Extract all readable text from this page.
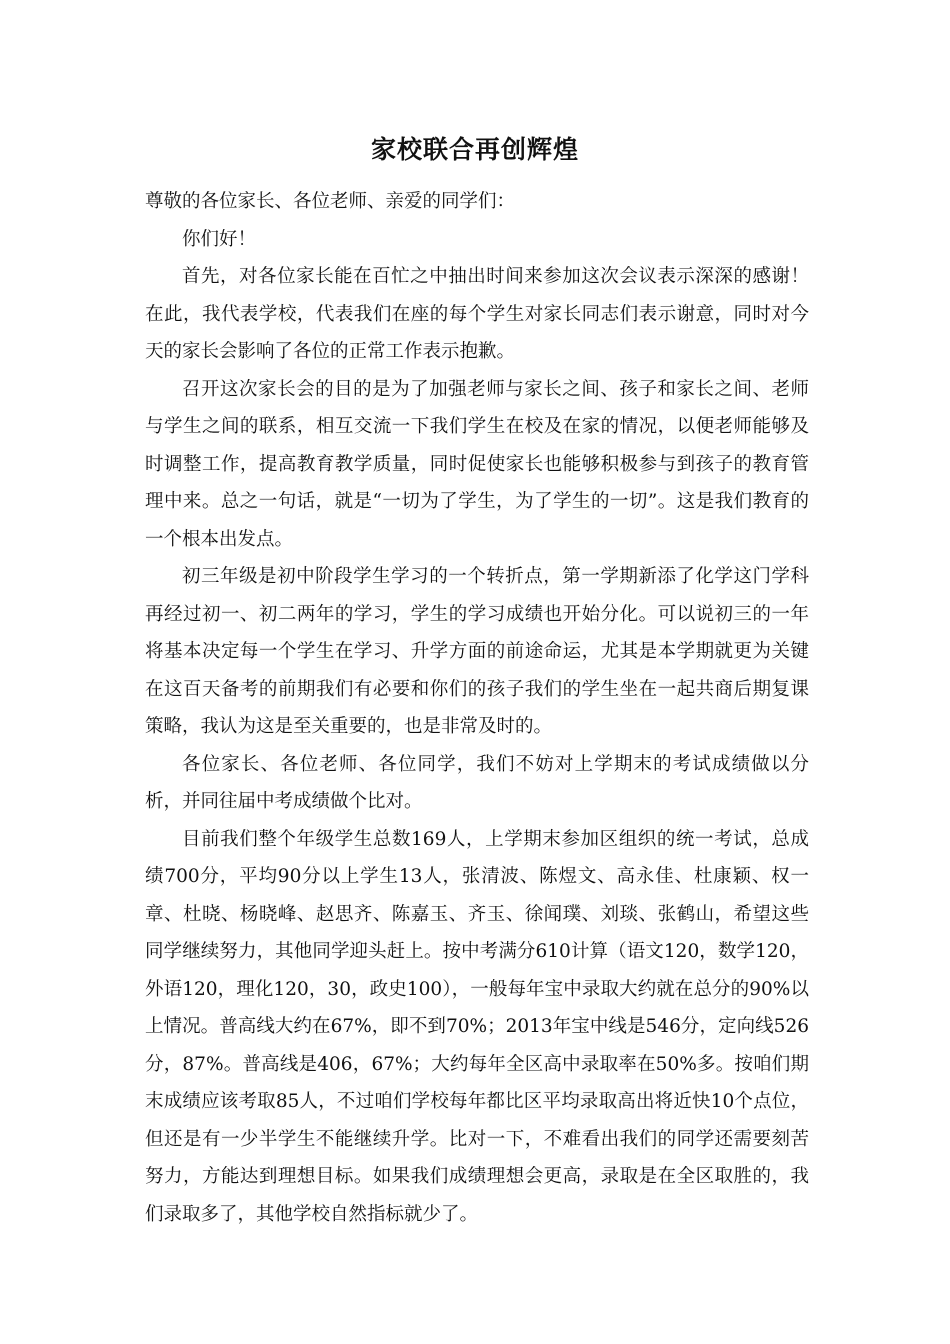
家校联合再创辉煌

尊敬的各位家长、各位老师、亲爱的同学们：

你们好！

首先，对各位家长能在百忙之中抽出时间来参加这次会议表示深深的感谢！在此，我代表学校，代表我们在座的每个学生对家长同志们表示谢意，同时对今天的家长会影响了各位的正常工作表示抱歉。

召开这次家长会的目的是为了加强老师与家长之间、孩子和家长之间、老师与学生之间的联系，相互交流一下我们学生在校及在家的情况，以便老师能够及时调整工作，提高教育教学质量，同时促使家长也能够积极参与到孩子的教育管理中来。总之一句话，就是“一切为了学生，为了学生的一切”。这是我们教育的一个根本出发点。

初三年级是初中阶段学生学习的一个转折点，第一学期新添了化学这门学科再经过初一、初二两年的学习，学生的学习成绩也开始分化。可以说初三的一年将基本决定每一个学生在学习、升学方面的前途命运，尤其是本学期就更为关键在这百天备考的前期我们有必要和你们的孩子我们的学生坐在一起共商后期复课策略，我认为这是至关重要的，也是非常及时的。

各位家长、各位老师、各位同学，我们不妨对上学期末的考试成绩做以分析，并同往届中考成绩做个比对。

目前我们整个年级学生总数169人，上学期末参加区组织的统一考试，总成绩700分，平均90分以上学生13人，张清波、陈煜文、高永佳、杜康颖、权一章、杜晓、杨晓峰、赵思齐、陈嘉玉、齐玉、徐闻璞、刘琰、张鹤山，希望这些同学继续努力，其他同学迎头赶上。按中考满分610计算（语文120，数学120，外语120，理化120，30，政史100），一般每年宝中录取大约就在总分的90%以上情况。普高线大约在67%，即不到70%；2013年宝中线是546分，定向线526分，87%。普高线是406，67%；大约每年全区高中录取率在50%多。按咱们期末成绩应该考取85人，不过咱们学校每年都比区平均录取高出将近快10个点位，但还是有一少半学生不能继续升学。比对一下，不难看出我们的同学还需要刻苦努力，方能达到理想目标。如果我们成绩理想会更高，录取是在全区取胜的，我们录取多了，其他学校自然指标就少了。
